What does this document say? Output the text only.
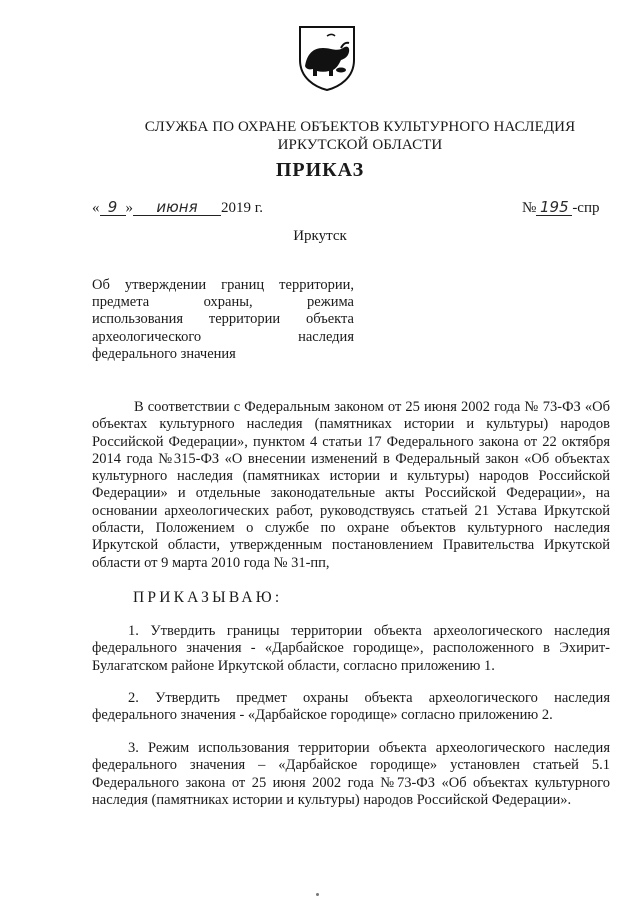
СЛУЖБА ПО ОХРАНЕ ОБЪЕКТОВ КУЛЬТУРНОГО НАСЛЕДИЯ
ИРКУТСКОЙ ОБЛАСТИ
ПРИКАЗ
« 9 » июня 2019 г.	№ 195 -спр
Иркутск
Об утверждении границ территории,
предмета охраны, режима
использования территории объекта
археологического наследия
федерального значения
В соответствии с Федеральным законом от 25 июня 2002 года № 73-ФЗ «Об объектах культурного наследия (памятниках истории и культуры) народов Российской Федерации», пунктом 4 статьи 17 Федерального закона от 22 октября 2014 года №315-ФЗ «О внесении изменений в Федеральный закон «Об объектах культурного наследия (памятниках истории и культуры) народов Российской Федерации» и отдельные законодательные акты Российской Федерации», на основании археологических работ, руководствуясь статьей 21 Устава Иркутской области, Положением о службе по охране объектов культурного наследия Иркутской области, утвержденным постановлением Правительства Иркутской области от 9 марта 2010 года № 31-пп,
ПРИКАЗЫВАЮ:
1. Утвердить границы территории объекта археологического наследия федерального значения - «Дарбайское городище», расположенного в Эхирит-Булагатском районе Иркутской области, согласно приложению 1.
2. Утвердить предмет охраны объекта археологического наследия федерального значения - «Дарбайское городище» согласно приложению 2.
3. Режим использования территории объекта археологического наследия федерального значения – «Дарбайское городище» установлен статьей 5.1 Федерального закона от 25 июня 2002 года №73-ФЗ «Об объектах культурного наследия (памятниках истории и культуры) народов Российской Федерации».
